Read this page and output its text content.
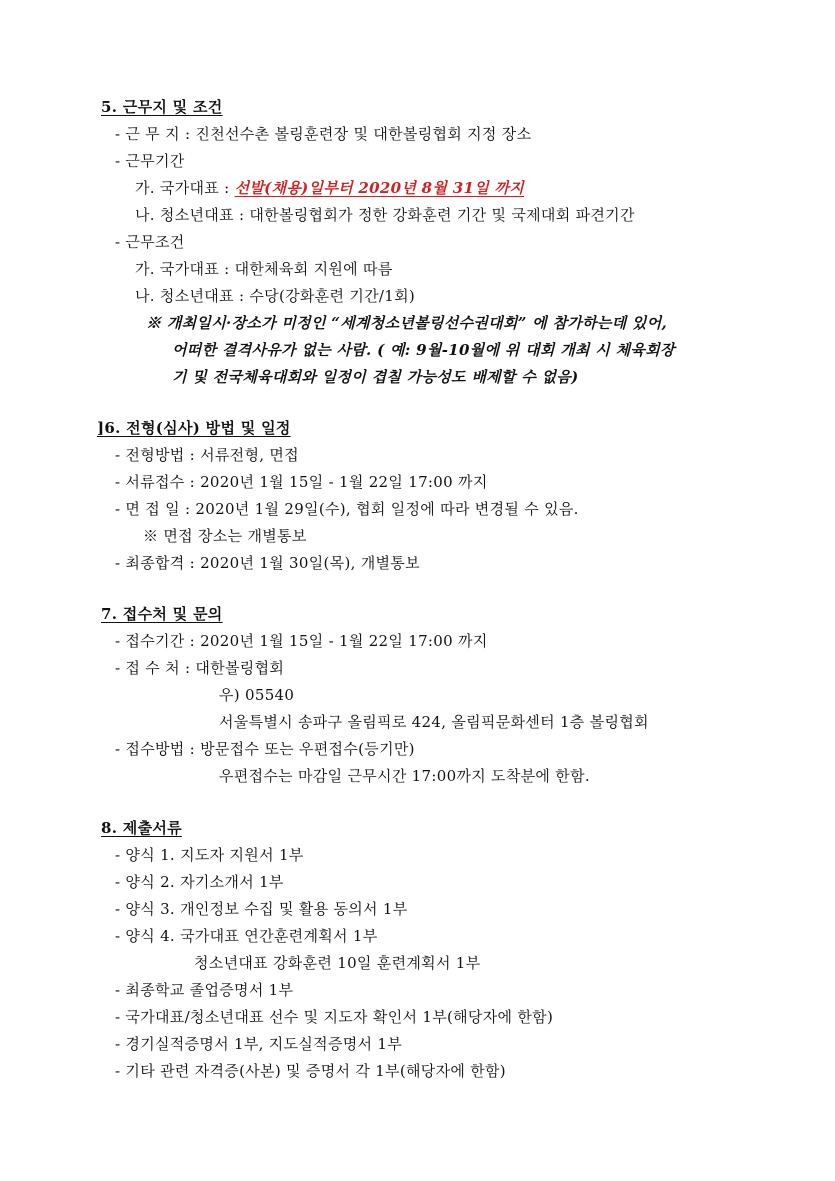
5. 근무지 및 조건
- 근 무 지 : 진천선수촌 볼링훈련장 및 대한볼링협회 지정 장소
- 근무기간
가. 국가대표 : 선발(채용)일부터 2020년 8월 31일 까지
나. 청소년대표 : 대한볼링협회가 정한 강화훈련 기간 및 국제대회 파견기간
- 근무조건
가. 국가대표 : 대한체육회 지원에 따름
나. 청소년대표 : 수당(강화훈련 기간/1회)
※ 개최일시·장소가 미정인 “세계청소년볼링선수권대회” 에 참가하는데 있어,
어떠한 결격사유가 없는 사람. ( 예: 9월-10월에 위 대회 개최 시 체육회장
기 및 전국체육대회와 일정이 겹칠 가능성도 배제할 수 없음)
]6. 전형(심사) 방법 및 일정
- 전형방법 : 서류전형, 면접
- 서류접수 : 2020년 1월 15일 - 1월 22일 17:00 까지
- 면 접 일 : 2020년 1월 29일(수), 협회 일정에 따라 변경될 수 있음.
※ 면접 장소는 개별통보
- 최종합격 : 2020년 1월 30일(목), 개별통보
7. 접수처 및 문의
- 접수기간 : 2020년 1월 15일 - 1월 22일 17:00 까지
- 접 수 처 : 대한볼링협회
우) 05540
서울특별시 송파구 올림픽로 424, 올림픽문화센터 1층 볼링협회
- 접수방법 : 방문접수 또는 우편접수(등기만)
우편접수는 마감일 근무시간 17:00까지 도착분에 한함.
8. 제출서류
- 양식 1. 지도자 지원서 1부
- 양식 2. 자기소개서 1부
- 양식 3. 개인정보 수집 및 활용 동의서 1부
- 양식 4. 국가대표 연간훈련계획서 1부
청소년대표 강화훈련 10일 훈련계획서 1부
- 최종학교 졸업증명서 1부
- 국가대표/청소년대표 선수 및 지도자 확인서 1부(해당자에 한함)
- 경기실적증명서 1부, 지도실적증명서 1부
- 기타 관련 자격증(사본) 및 증명서 각 1부(해당자에 한함)
